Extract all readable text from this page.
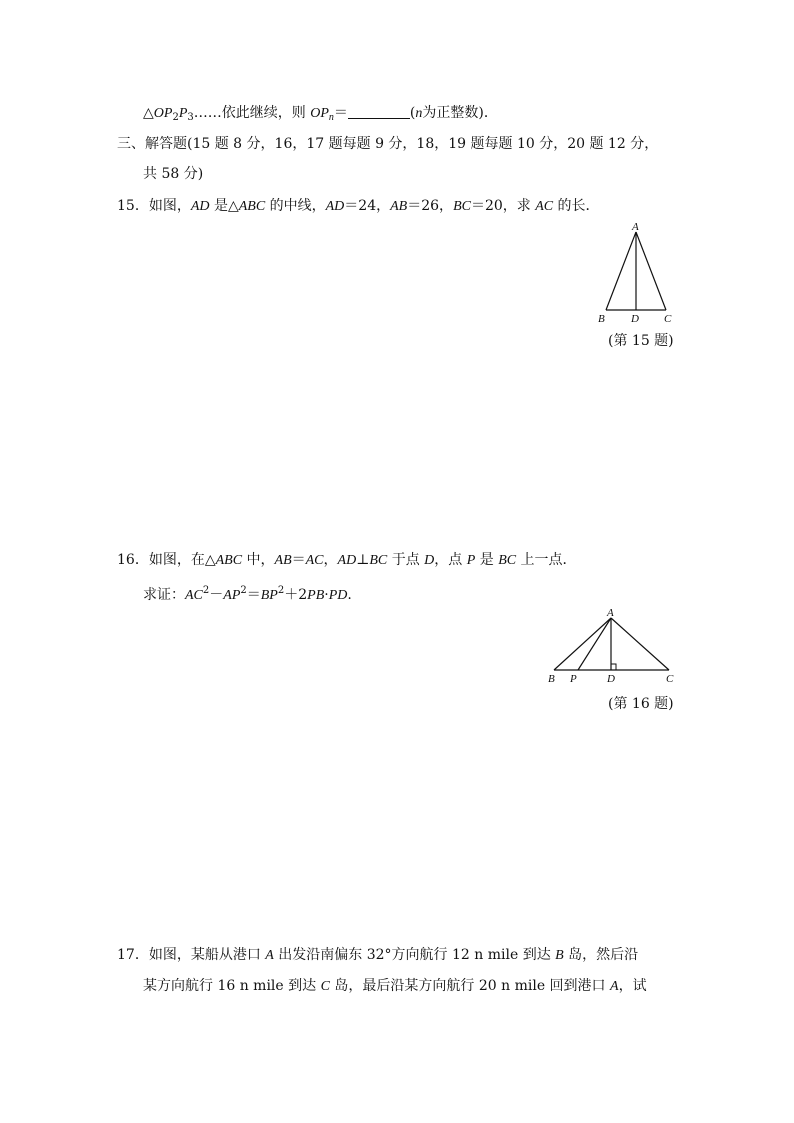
$\triangle OP_2P_3\dots\dots$依此继续，则 $OP_n=$	(n为正整数)．
三、解答题(15 题 8 分，16，17 题每题 9 分，18，19 题每题 10 分，20 题 12 分，
共 58 分)
15．如图，AD 是△ABC 的中线，AD＝24，AB＝26，BC＝20，求 AC 的长．
A
B D C
(第 15 题)
16．如图，在△ABC 中，AB＝AC，AD⊥BC 于点 D，点 P 是 BC 上一点．
求证：$AC^2-AP^2=BP^2+2PB\cdot PD$.
A
B P	D	C
(第 16 题)
17．如图，某船从港口 A 出发沿南偏东 32°方向航行 12 n mile 到达 B 岛，然后沿
某方向航行 16 n mile 到达 C 岛，最后沿某方向航行 20 n mile 回到港口 A，试
